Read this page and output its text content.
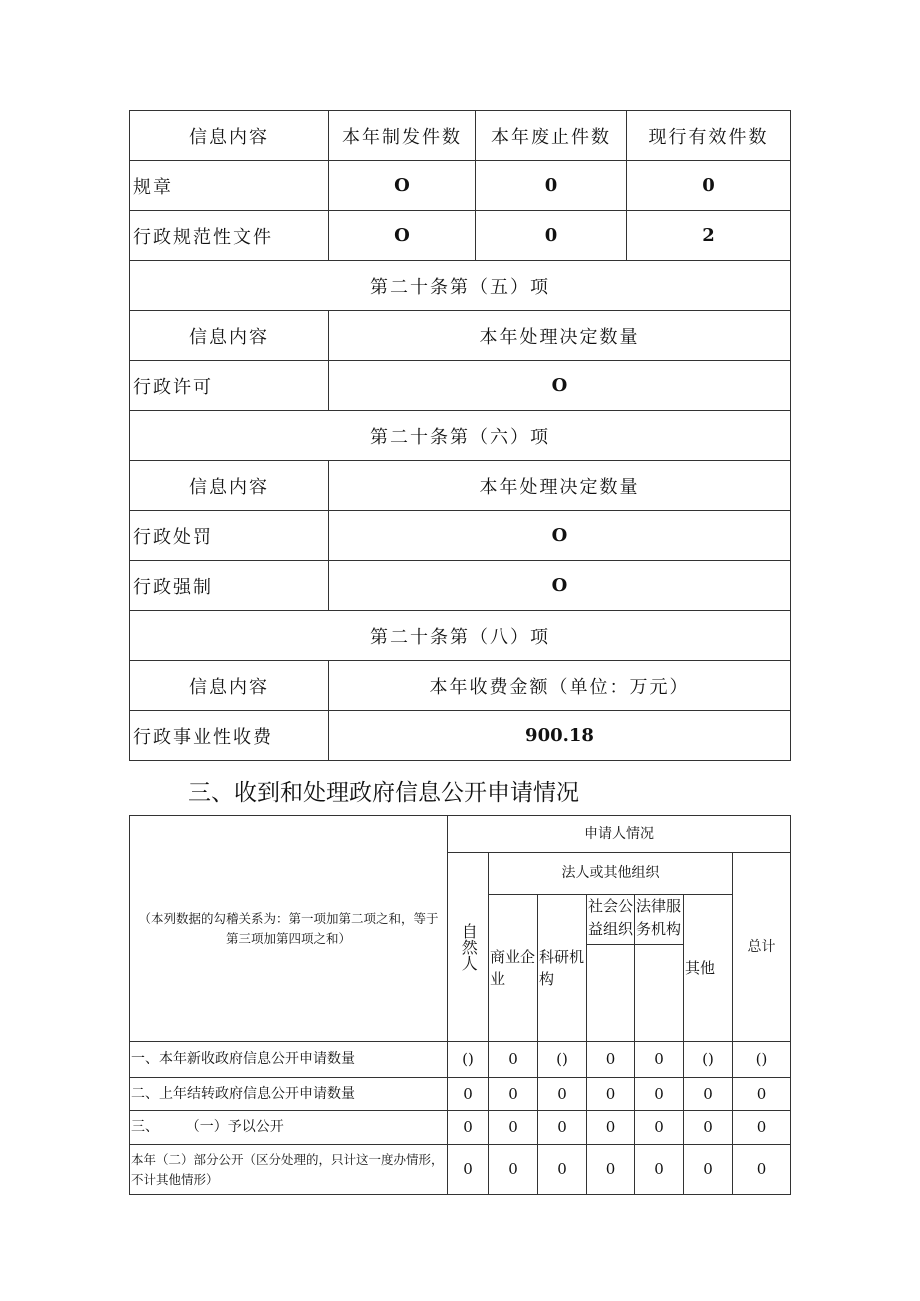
信息内容	本年制发件数	本年废止件数	现行有效件数
规章	O	0	0
行政规范性文件	O	0	2
第二十条第（五）项			
信息内容	本年处理决定数量		
行政许可	O		
第二十条第（六）项			
信息内容	本年处理决定数量		
行政处罚	O		
行政强制	O		
第二十条第（八）项			
信息内容	本年收费金额（单位：万元）		
行政事业性收费	900.18		
三、收到和处理政府信息公开申请情况
（本列数据的勾稽关系为：第一项加第二项之和，等于第三项加第四项之和）	申请人情况						

	自然人	法人或其他组织					总计
		商业企业	科研机构	社会公益组织	法律服务机构	其他	

一、本年新收政府信息公开申请数量	()	0	()	0	0	()	()
二、上年结转政府信息公开申请数量	0	0	0	0	0	0	0
三、      （一）予以公开	0	0	0	0	0	0	0
本年（二）部分公开（区分处理的，只计这一度办情形，不计其他情形）	0	0	0	0	0	0	0
